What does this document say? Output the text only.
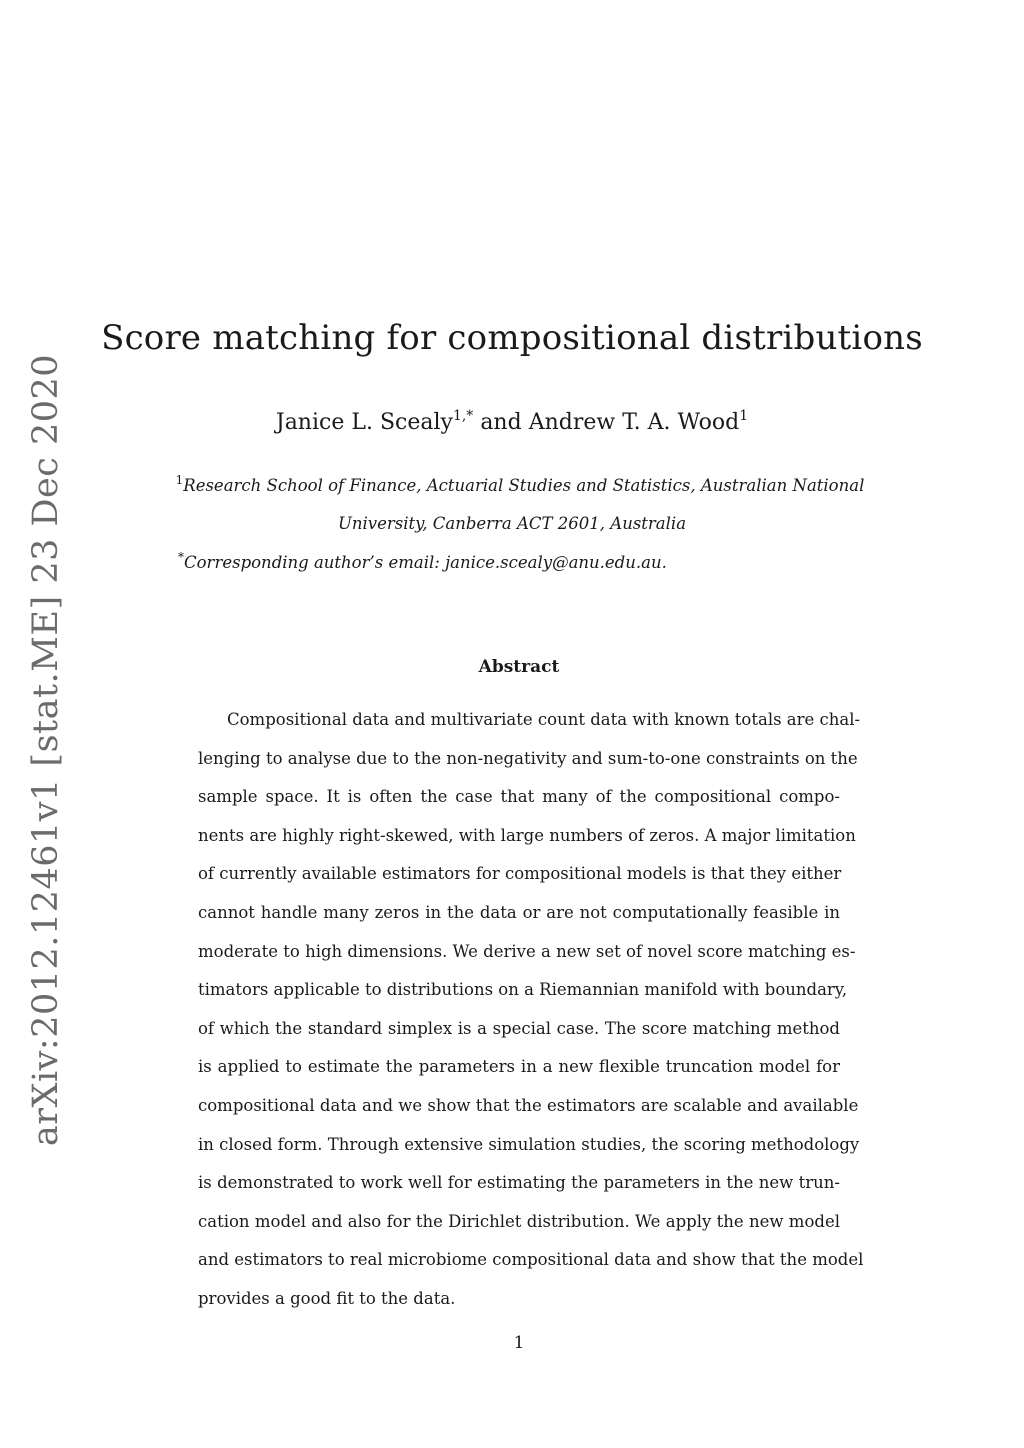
arXiv:2012.12461v1 [stat.ME] 23 Dec 2020
Score matching for compositional distributions
Janice L. Scealy$^{1,*}$ and Andrew T. A. Wood$^1$
$^1$Research School of Finance, Actuarial Studies and Statistics, Australian National
University, Canberra ACT 2601, Australia
*Corresponding author’s email: janice.scealy@anu.edu.au.
Abstract
Compositional data and multivariate count data with known totals are chal-
lenging to analyse due to the non-negativity and sum-to-one constraints on the
sample space. It is often the case that many of the compositional compo-
nents are highly right-skewed, with large numbers of zeros. A major limitation
of currently available estimators for compositional models is that they either
cannot handle many zeros in the data or are not computationally feasible in
moderate to high dimensions. We derive a new set of novel score matching es-
timators applicable to distributions on a Riemannian manifold with boundary,
of which the standard simplex is a special case. The score matching method
is applied to estimate the parameters in a new flexible truncation model for
compositional data and we show that the estimators are scalable and available
in closed form. Through extensive simulation studies, the scoring methodology
is demonstrated to work well for estimating the parameters in the new trun-
cation model and also for the Dirichlet distribution. We apply the new model
and estimators to real microbiome compositional data and show that the model
provides a good fit to the data.
1
